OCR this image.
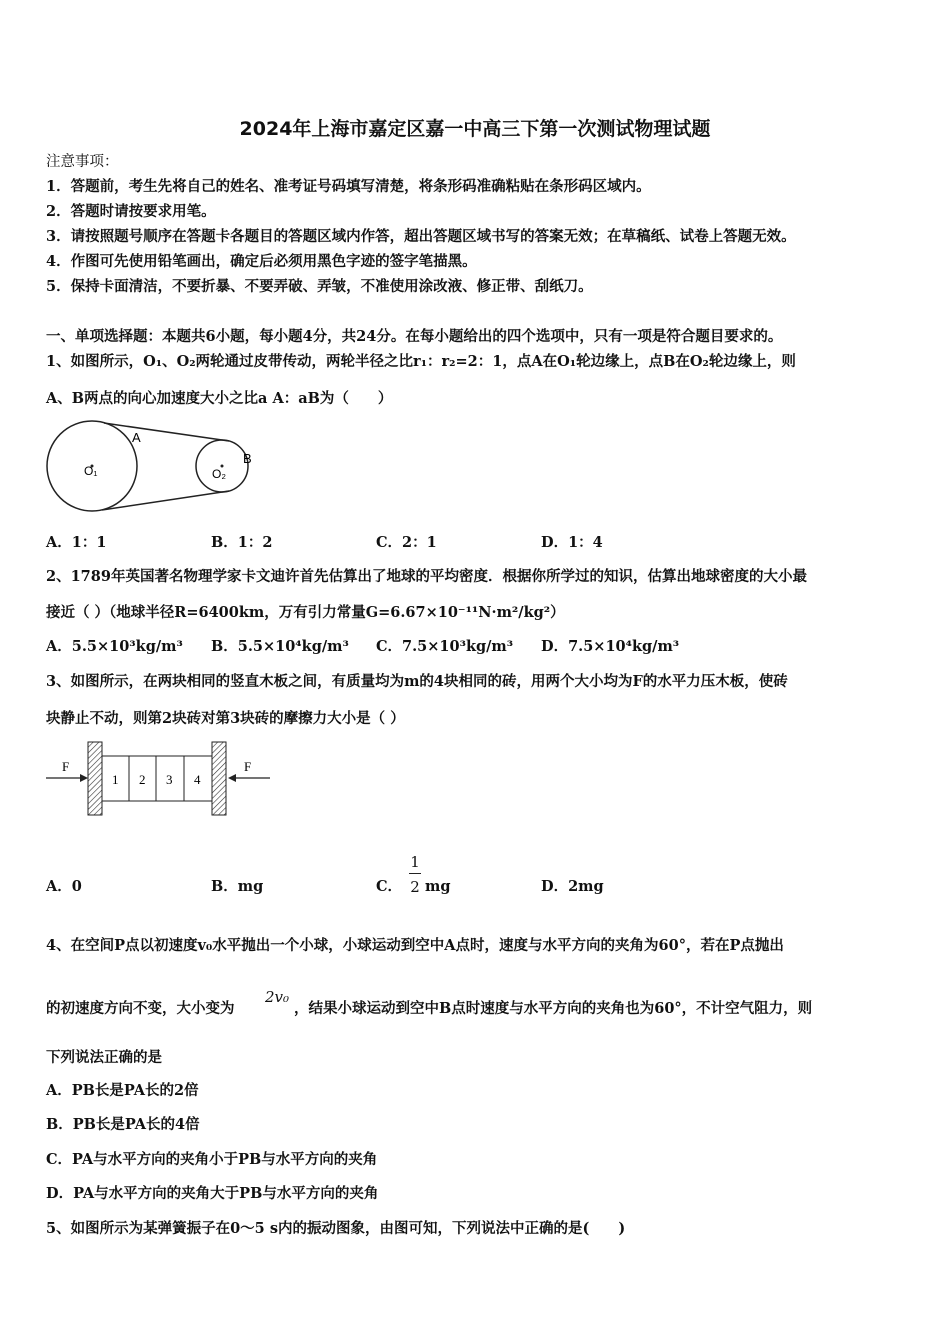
2024年上海市嘉定区嘉一中高三下第一次测试物理试题
注意事项：
1．答题前，考生先将自己的姓名、准考证号码填写清楚，将条形码准确粘贴在条形码区域内。
2．答题时请按要求用笔。
3．请按照题号顺序在答题卡各题目的答题区域内作答，超出答题区域书写的答案无效；在草稿纸、试卷上答题无效。
4．作图可先使用铅笔画出，确定后必须用黑色字迹的签字笔描黑。
5．保持卡面清洁，不要折暴、不要弄破、弄皱，不准使用涂改液、修正带、刮纸刀。
一、单项选择题：本题共6小题，每小题4分，共24分。在每小题给出的四个选项中，只有一项是符合题目要求的。
1、如图所示，O₁、O₂两轮通过皮带传动，两轮半径之比r₁：r₂=2：1，点A在O₁轮边缘上，点B在O₂轮边缘上，则
A、B两点的向心加速度大小之比a A：aB为（　　）
A
B
O₁	O₂
A．1：1	B．1：2	C．2：1	D．1：4
2、1789年英国著名物理学家卡文迪许首先估算出了地球的平均密度．根据你所学过的知识，估算出地球密度的大小最
接近（ ）（地球半径R=6400km，万有引力常量G=6.67×10⁻¹¹N·m²/kg²）
A．5.5×10³kg/m³ B．5.5×10⁴kg/m³ C．7.5×10³kg/m³ D．7.5×10⁴kg/m³
3、如图所示，在两块相同的竖直木板之间，有质量均为m的4块相同的砖，用两个大小均为F的水平力压木板，使砖
块静止不动，则第2块砖对第3块砖的摩擦力大小是（ ）
1 2 3 4
F	F
A．0	B．mg	C．
1
2 mg	D．2mg
4、在空间P点以初速度v₀水平抛出一个小球，小球运动到空中A点时，速度与水平方向的夹角为60°，若在P点抛出
的初速度方向不变，大小变为
2v₀
，结果小球运动到空中B点时速度与水平方向的夹角也为60°，不计空气阻力，则
下列说法正确的是
A．PB长是PA长的2倍
B．PB长是PA长的4倍
C．PA与水平方向的夹角小于PB与水平方向的夹角
D．PA与水平方向的夹角大于PB与水平方向的夹角
5、如图所示为某弹簧振子在0～5 s内的振动图象，由图可知，下列说法中正确的是(　　)
